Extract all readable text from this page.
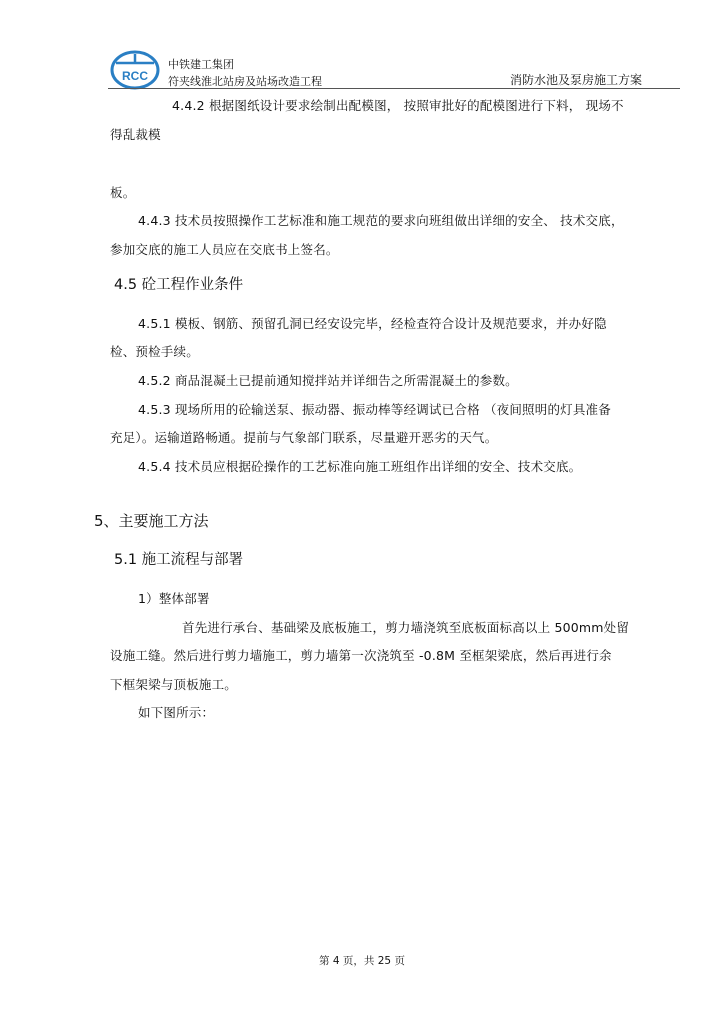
RCC
中铁建工集团
符夹线淮北站房及站场改造工程	消防水池及泵房施工方案
4.4.2 根据图纸设计要求绘制出配模图， 按照审批好的配模图进行下料， 现场不
得乱裁模
板。
4.4.3 技术员按照操作工艺标准和施工规范的要求向班组做出详细的安全、 技术交底，
参加交底的施工人员应在交底书上签名。
4.5 砼工程作业条件
4.5.1 模板、钢筋、预留孔洞已经安设完毕，经检查符合设计及规范要求，并办好隐
检、预检手续。
4.5.2 商品混凝土已提前通知搅拌站并详细告之所需混凝土的参数。
4.5.3 现场所用的砼输送泵、振动器、振动棒等经调试已合格 （夜间照明的灯具准备
充足）。运输道路畅通。提前与气象部门联系，尽量避开恶劣的天气。
4.5.4 技术员应根据砼操作的工艺标准向施工班组作出详细的安全、技术交底。
5、主要施工方法
5.1 施工流程与部署
1）整体部署
首先进行承台、基础梁及底板施工，剪力墙浇筑至底板面标高以上 500mm处留
设施工缝。然后进行剪力墙施工，剪力墙第一次浇筑至 -0.8M 至框架梁底，然后再进行余
下框架梁与顶板施工。
如下图所示：
第 4 页，共 25 页
